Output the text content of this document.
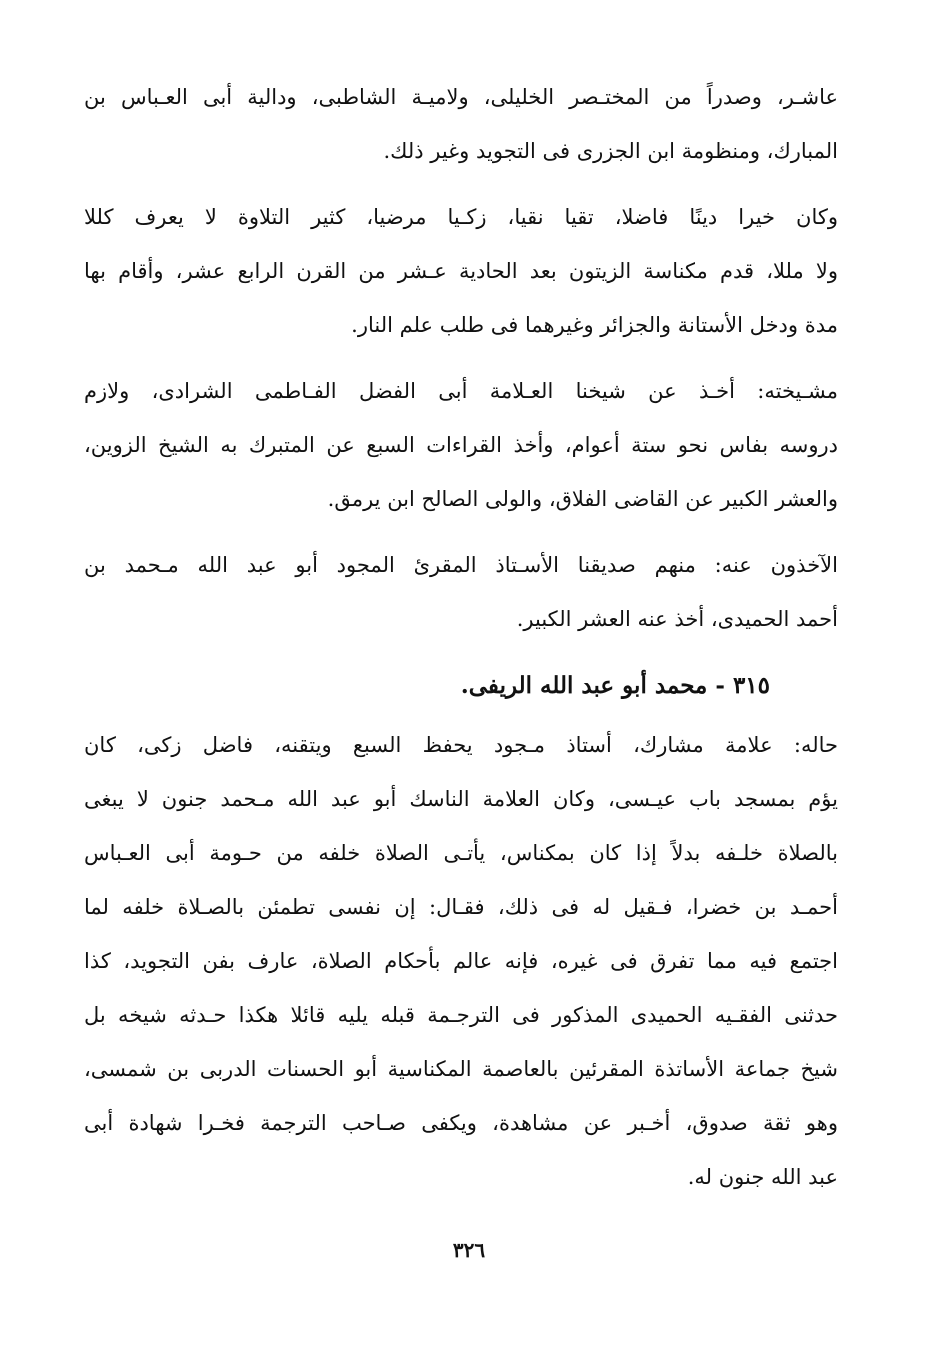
عاشـر، وصدراً من المختـصر الخليلى، ولاميـة الشاطبى، ودالية أبى العـباس بن
المبارك، ومنظومة ابن الجزرى فى التجويد وغير ذلك.

وكان خيرا دينًا فاضلا، تقيا نقيا، زكـيا مرضيا، كثير التلاوة لا يعرف كللا
ولا مللا، قدم مكناسة الزيتون بعد الحادية عـشر من القرن الرابع عشر، وأقام بها
مدة ودخل الأستانة والجزائر وغيرهما فى طلب علم النار.

مشـيخته: أخـذ عن شيخنا العـلامة أبى الفضل الفـاطمى الشرادى، ولازم
دروسه بفاس نحو ستة أعوام، وأخذ القراءات السبع عن المتبرك به الشيخ الزوين،
والعشر الكبير عن القاضى الفلاق، والولى الصالح ابن يرمق.

الآخذون عنه: منهم صديقنا الأسـتاذ المقرئ المجود أبو عبد الله مـحمد بن
أحمد الحميدى، أخذ عنه العشر الكبير.

٣١٥ - محمد أبو عبد الله الريفى.

حاله: علامة مشارك، أستاذ مـجود يحفظ السبع ويتقنه، فاضل زكى، كان
يؤم بمسجد باب عيـسى، وكان العلامة الناسك أبو عبد الله مـحمد جنون لا يبغى
بالصلاة خلـفه بدلاً إذا كان بمكناس، يأتـى الصلاة خلفه من حـومة أبى العـباس
أحمـد بن خضرا، فـقيل له فى ذلك، فقـال: إن نفسى تطمئن بالصـلاة خلفه لما
اجتمع فيه مما تفرق فى غيره، فإنه عالم بأحكام الصلاة، عارف بفن التجويد، كذا
حدثنى الفقـيه الحميدى المذكور فى الترجـمة قبله يليه قائلا هكذا حـدثه شيخه بل
شيخ جماعة الأساتذة المقرئين بالعاصمة المكناسية أبو الحسنات الدربى بن شمسى،
وهو ثقة صدوق، أخـبر عن مشاهدة، ويكفى صـاحب الترجمة فخـرا شهادة أبى
عبد الله جنون له.

٣٢٦
